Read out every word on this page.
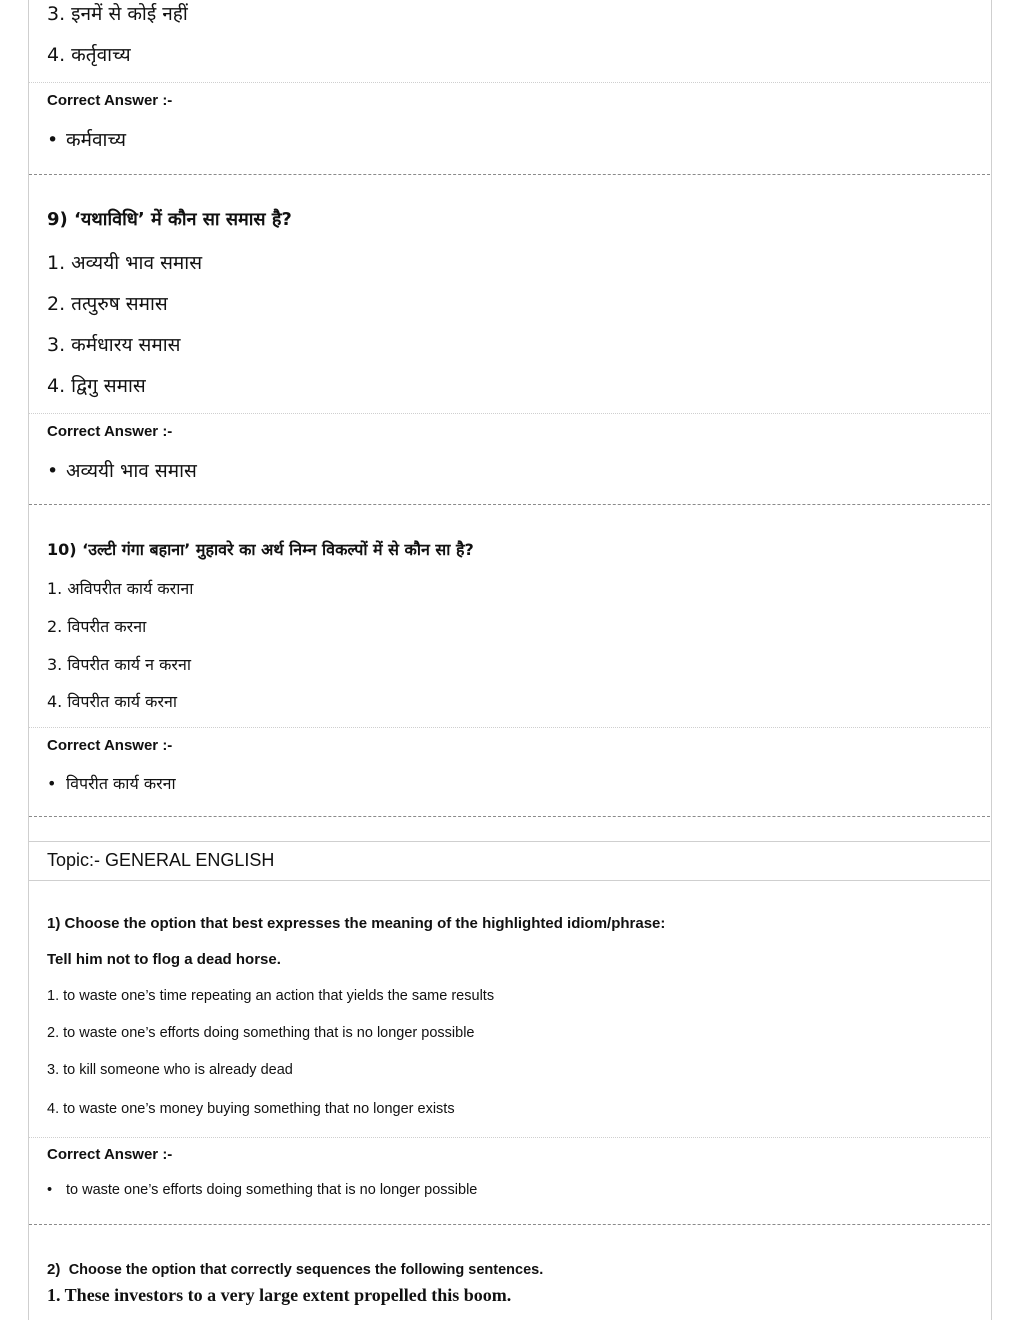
3. इनमें से कोई नहीं
4. कर्तृवाच्य
Correct Answer :-
• कर्मवाच्य
9) ‘यथाविधि’ में कौन सा समास है?
1. अव्ययी भाव समास
2. तत्पुरुष समास
3. कर्मधारय समास
4. द्विगु समास
Correct Answer :-
• अव्ययी भाव समास
10) ‘उल्टी गंगा बहाना’ मुहावरे का अर्थ निम्न विकल्पों में से कौन सा है?
1. अविपरीत कार्य कराना
2. विपरीत करना
3. विपरीत कार्य न करना
4. विपरीत कार्य करना
Correct Answer :-
• विपरीत कार्य करना
Topic:- GENERAL ENGLISH
1) Choose the option that best expresses the meaning of the highlighted idiom/phrase:
Tell him not to flog a dead horse.
1. to waste one’s time repeating an action that yields the same results
2. to waste one’s efforts doing something that is no longer possible
3. to kill someone who is already dead
4. to waste one’s money buying something that no longer exists
Correct Answer :-
• to waste one’s efforts doing something that is no longer possible
2) Choose the option that correctly sequences the following sentences.
1. These investors to a very large extent propelled this boom.
